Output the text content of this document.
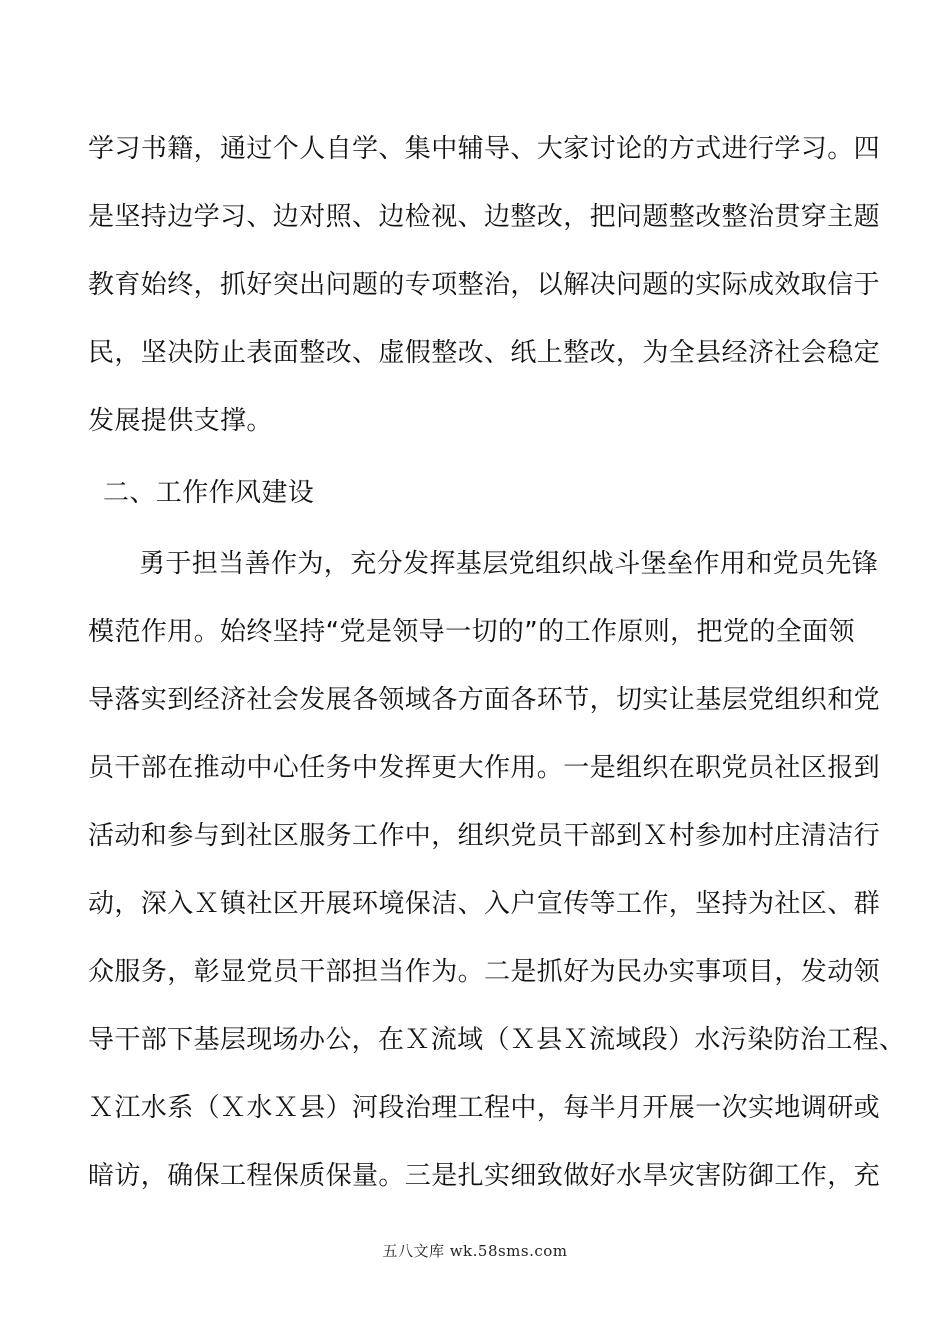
学习书籍，通过个人自学、集中辅导、大家讨论的方式进行学习。四
是坚持边学习、边对照、边检视、边整改，把问题整改整治贯穿主题
教育始终，抓好突出问题的专项整治，以解决问题的实际成效取信于
民，坚决防止表面整改、虚假整改、纸上整改，为全县经济社会稳定
发展提供支撑。
二、工作作风建设
勇于担当善作为，充分发挥基层党组织战斗堡垒作用和党员先锋
模范作用。始终坚持“党是领导一切的”的工作原则，把党的全面领
导落实到经济社会发展各领域各方面各环节，切实让基层党组织和党
员干部在推动中心任务中发挥更大作用。一是组织在职党员社区报到
活动和参与到社区服务工作中，组织党员干部到Ｘ村参加村庄清洁行
动，深入Ｘ镇社区开展环境保洁、入户宣传等工作，坚持为社区、群
众服务，彰显党员干部担当作为。二是抓好为民办实事项目，发动领
导干部下基层现场办公，在Ｘ流域（Ｘ县Ｘ流域段）水污染防治工程、
Ｘ江水系（Ｘ水Ｘ县）河段治理工程中，每半月开展一次实地调研或
暗访，确保工程保质保量。三是扎实细致做好水旱灾害防御工作，充
五八文库 wk.58sms.com
